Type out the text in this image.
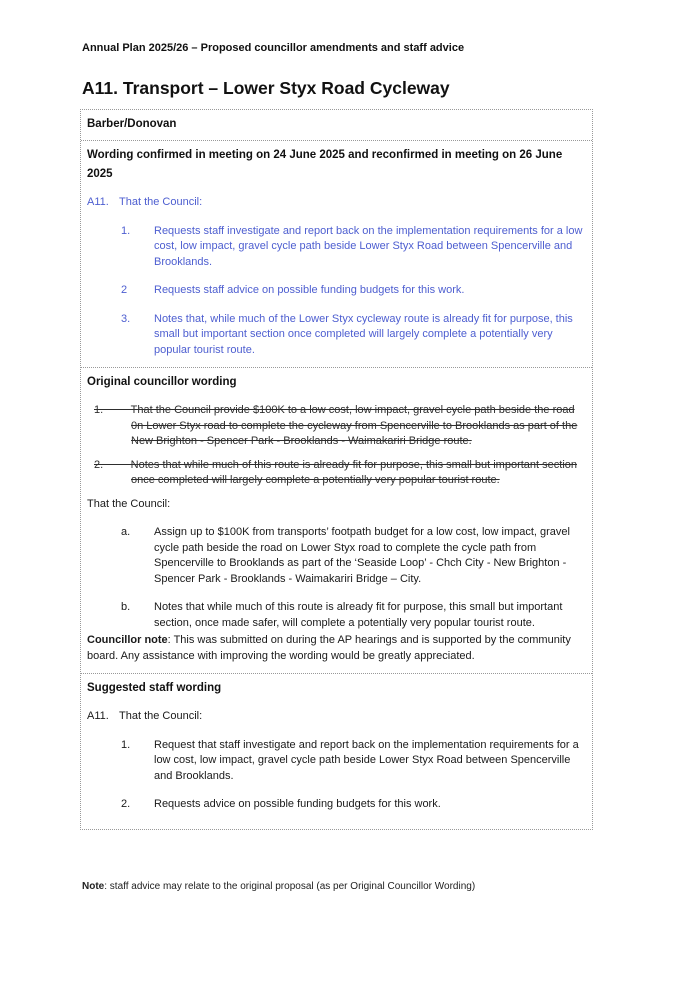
Annual Plan 2025/26 – Proposed councillor amendments and staff advice
A11. Transport – Lower Styx Road Cycleway
Barber/Donovan
Wording confirmed in meeting on 24 June 2025 and reconfirmed in meeting on 26 June 2025
A11. That the Council:
1. Requests staff investigate and report back on the implementation requirements for a low cost, low impact, gravel cycle path beside Lower Styx Road between Spencerville and Brooklands.
2 Requests staff advice on possible funding budgets for this work.
3. Notes that, while much of the Lower Styx cycleway route is already fit for purpose, this small but important section once completed will largely complete a potentially very popular tourist route.
Original councillor wording
1.         That the Council provide $100K to a low cost, low impact, gravel cycle path beside the road 0n Lower Styx road to complete the cycleway from Spencerville to Brooklands as part of the New Brighton - Spencer Park - Brooklands - Waimakariri Bridge route.
2.         Notes that while much of this route is already fit for purpose, this small but important section once completed will largely complete a potentially very popular tourist route.
That the Council:
a. Assign up to $100K from transports’ footpath budget for a low cost, low impact, gravel cycle path beside the road on Lower Styx road to complete the cycle path from Spencerville to Brooklands as part of the ‘Seaside Loop’ - Chch City - New Brighton - Spencer Park - Brooklands - Waimakariri Bridge – City.
b. Notes that while much of this route is already fit for purpose, this small but important section, once made safer, will complete a potentially very popular tourist route.

Councillor note: This was submitted on during the AP hearings and is supported by the community board. Any assistance with improving the wording would be greatly appreciated.

Suggested staff wording
A11. That the Council:
1. Request that staff investigate and report back on the implementation requirements for a low cost, low impact, gravel cycle path beside Lower Styx Road between Spencerville and Brooklands.
2. Requests advice on possible funding budgets for this work.

Note: staff advice may relate to the original proposal (as per Original Councillor Wording)
